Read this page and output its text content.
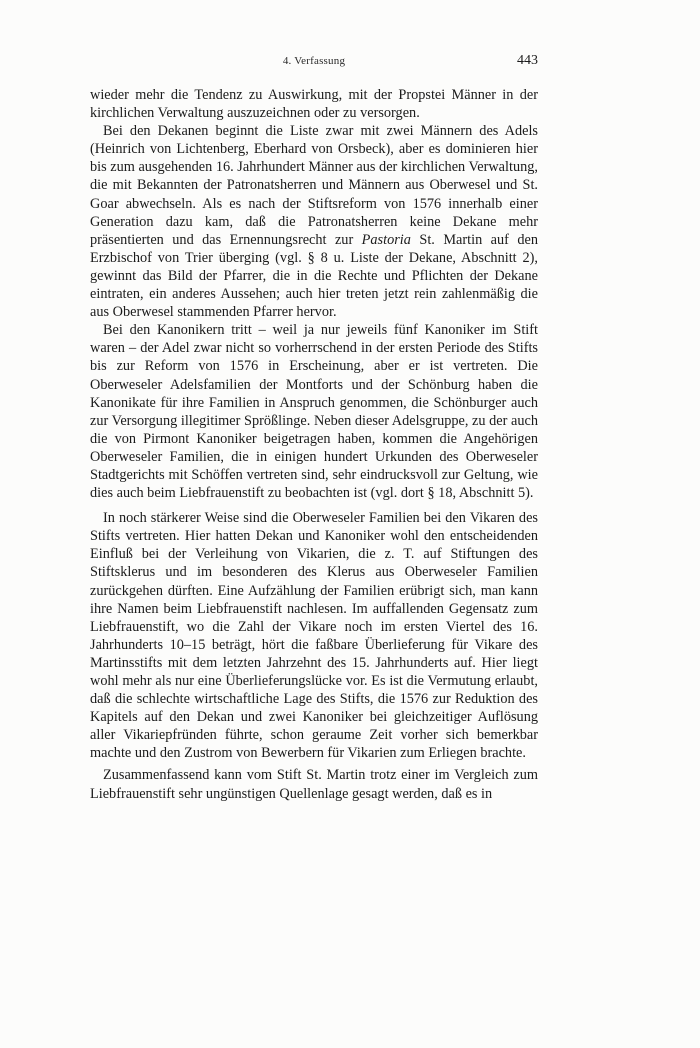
4. Verfassung	443

wieder mehr die Tendenz zu Auswirkung, mit der Propstei Männer in der kirchlichen Verwaltung auszuzeichnen oder zu versorgen.

Bei den Dekanen beginnt die Liste zwar mit zwei Männern des Adels (Heinrich von Lichtenberg, Eberhard von Orsbeck), aber es dominieren hier bis zum ausgehenden 16. Jahrhundert Männer aus der kirchlichen Verwaltung, die mit Bekannten der Patronatsherren und Männern aus Oberwesel und St. Goar abwechseln. Als es nach der Stiftsreform von 1576 innerhalb einer Generation dazu kam, daß die Patronatsherren keine Dekane mehr präsentierten und das Ernennungsrecht zur Pastoria St. Martin auf den Erzbischof von Trier überging (vgl. § 8 u. Liste der Dekane, Abschnitt 2), gewinnt das Bild der Pfarrer, die in die Rechte und Pflichten der Dekane eintraten, ein anderes Aussehen; auch hier treten jetzt rein zahlenmäßig die aus Oberwesel stammenden Pfarrer hervor.

Bei den Kanonikern tritt – weil ja nur jeweils fünf Kanoniker im Stift waren – der Adel zwar nicht so vorherrschend in der ersten Periode des Stifts bis zur Reform von 1576 in Erscheinung, aber er ist vertreten. Die Oberweseler Adelsfamilien der Montforts und der Schönburg haben die Kanonikate für ihre Familien in Anspruch genommen, die Schönburger auch zur Versorgung illegitimer Sprößlinge. Neben dieser Adelsgruppe, zu der auch die von Pirmont Kanoniker beigetragen haben, kommen die Angehörigen Oberweseler Familien, die in einigen hundert Urkunden des Oberweseler Stadtgerichts mit Schöffen vertreten sind, sehr eindrucksvoll zur Geltung, wie dies auch beim Liebfrauenstift zu beobachten ist (vgl. dort § 18, Abschnitt 5).

In noch stärkerer Weise sind die Oberweseler Familien bei den Vikaren des Stifts vertreten. Hier hatten Dekan und Kanoniker wohl den entscheidenden Einfluß bei der Verleihung von Vikarien, die z. T. auf Stiftungen des Stiftsklerus und im besonderen des Klerus aus Oberweseler Familien zurückgehen dürften. Eine Aufzählung der Familien erübrigt sich, man kann ihre Namen beim Liebfrauenstift nachlesen. Im auffallenden Gegensatz zum Liebfrauenstift, wo die Zahl der Vikare noch im ersten Viertel des 16. Jahrhunderts 10–15 beträgt, hört die faßbare Überlieferung für Vikare des Martinsstifts mit dem letzten Jahrzehnt des 15. Jahrhunderts auf. Hier liegt wohl mehr als nur eine Überlieferungslücke vor. Es ist die Vermutung erlaubt, daß die schlechte wirtschaftliche Lage des Stifts, die 1576 zur Reduktion des Kapitels auf den Dekan und zwei Kanoniker bei gleichzeitiger Auflösung aller Vikariepfründen führte, schon geraume Zeit vorher sich bemerkbar machte und den Zustrom von Bewerbern für Vikarien zum Erliegen brachte.

Zusammenfassend kann vom Stift St. Martin trotz einer im Vergleich zum Liebfrauenstift sehr ungünstigen Quellenlage gesagt werden, daß es in
